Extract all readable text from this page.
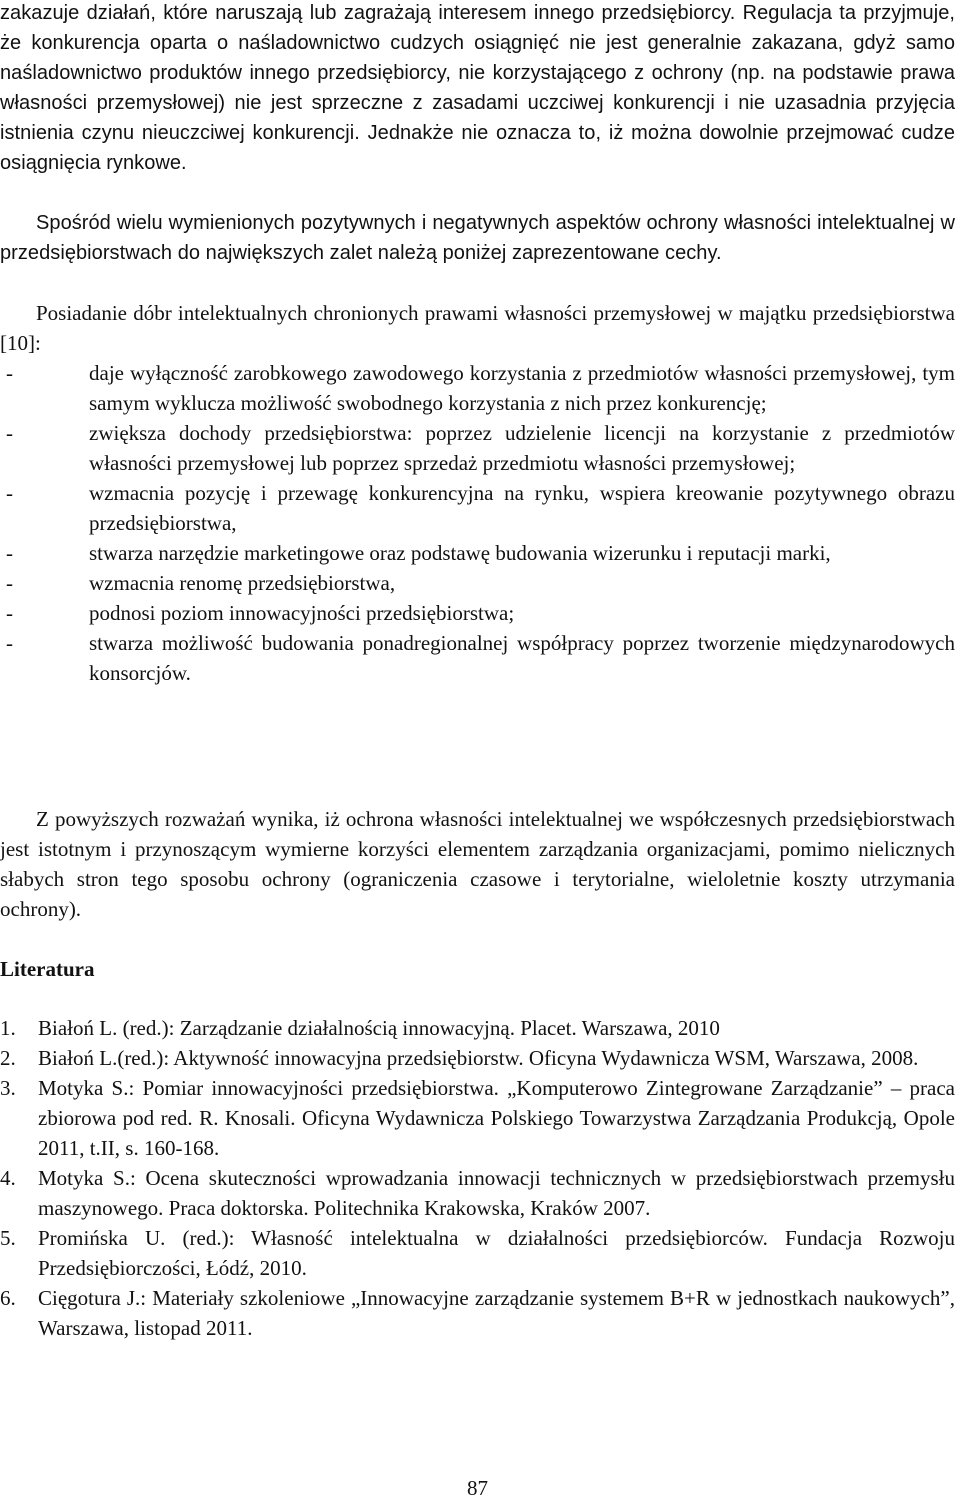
zakazuje działań, które naruszają lub zagrażają interesem innego przedsiębiorcy. Regulacja ta przyjmuje, że konkurencja oparta o naśladownictwo cudzych osiągnięć nie jest generalnie zakazana, gdyż samo naśladownictwo produktów innego przedsiębiorcy, nie korzystającego z ochrony (np. na podstawie prawa własności przemysłowej) nie jest sprzeczne z zasadami uczciwej konkurencji i nie uzasadnia przyjęcia istnienia czynu nieuczciwej konkurencji. Jednakże nie oznacza to, iż można dowolnie przejmować cudze osiągnięcia rynkowe.

Spośród wielu wymienionych pozytywnych i negatywnych aspektów ochrony własności intelektualnej w przedsiębiorstwach do największych zalet należą poniżej zaprezentowane cechy.

Posiadanie dóbr intelektualnych chronionych prawami własności przemysłowej w majątku przedsiębiorstwa [10]:

-	daje wyłączność zarobkowego zawodowego korzystania z przedmiotów własności przemysłowej, tym samym wyklucza możliwość swobodnego korzystania z nich przez konkurencję;
-	zwiększa dochody przedsiębiorstwa: poprzez udzielenie licencji na korzystanie z przedmiotów własności przemysłowej lub poprzez sprzedaż przedmiotu własności przemysłowej;
-	wzmacnia pozycję i przewagę konkurencyjna na rynku, wspiera kreowanie pozytywnego obrazu przedsiębiorstwa,
-	stwarza narzędzie marketingowe oraz podstawę budowania wizerunku i reputacji marki,
-	wzmacnia renomę przedsiębiorstwa,
-	podnosi poziom innowacyjności przedsiębiorstwa;
-	stwarza możliwość budowania ponadregionalnej współpracy poprzez tworzenie międzynarodowych konsorcjów.

Z powyższych rozważań wynika, iż ochrona własności intelektualnej we współczesnych przedsiębiorstwach jest istotnym i przynoszącym wymierne korzyści elementem zarządzania organizacjami, pomimo nielicznych słabych stron tego sposobu ochrony (ograniczenia czasowe i terytorialne, wieloletnie koszty utrzymania ochrony).

Literatura
1. Białoń L. (red.): Zarządzanie działalnością innowacyjną. Placet. Warszawa, 2010
2. Białoń L.(red.): Aktywność innowacyjna przedsiębiorstw. Oficyna Wydawnicza WSM, Warszawa, 2008.
3. Motyka S.: Pomiar innowacyjności przedsiębiorstwa. „Komputerowo Zintegrowane Zarządzanie” – praca zbiorowa pod red. R. Knosali. Oficyna Wydawnicza Polskiego Towarzystwa Zarządzania Produkcją, Opole 2011, t.II, s. 160-168.
4. Motyka S.: Ocena skuteczności wprowadzania innowacji technicznych w przedsiębiorstwach przemysłu maszynowego. Praca doktorska. Politechnika Krakowska, Kraków 2007.
5. Promińska U. (red.): Własność intelektualna w działalności przedsiębiorców. Fundacja Rozwoju Przedsiębiorczości, Łódź, 2010.
6. Cięgotura J.: Materiały szkoleniowe „Innowacyjne zarządzanie systemem B+R w jednostkach naukowych”, Warszawa, listopad 2011.
87
